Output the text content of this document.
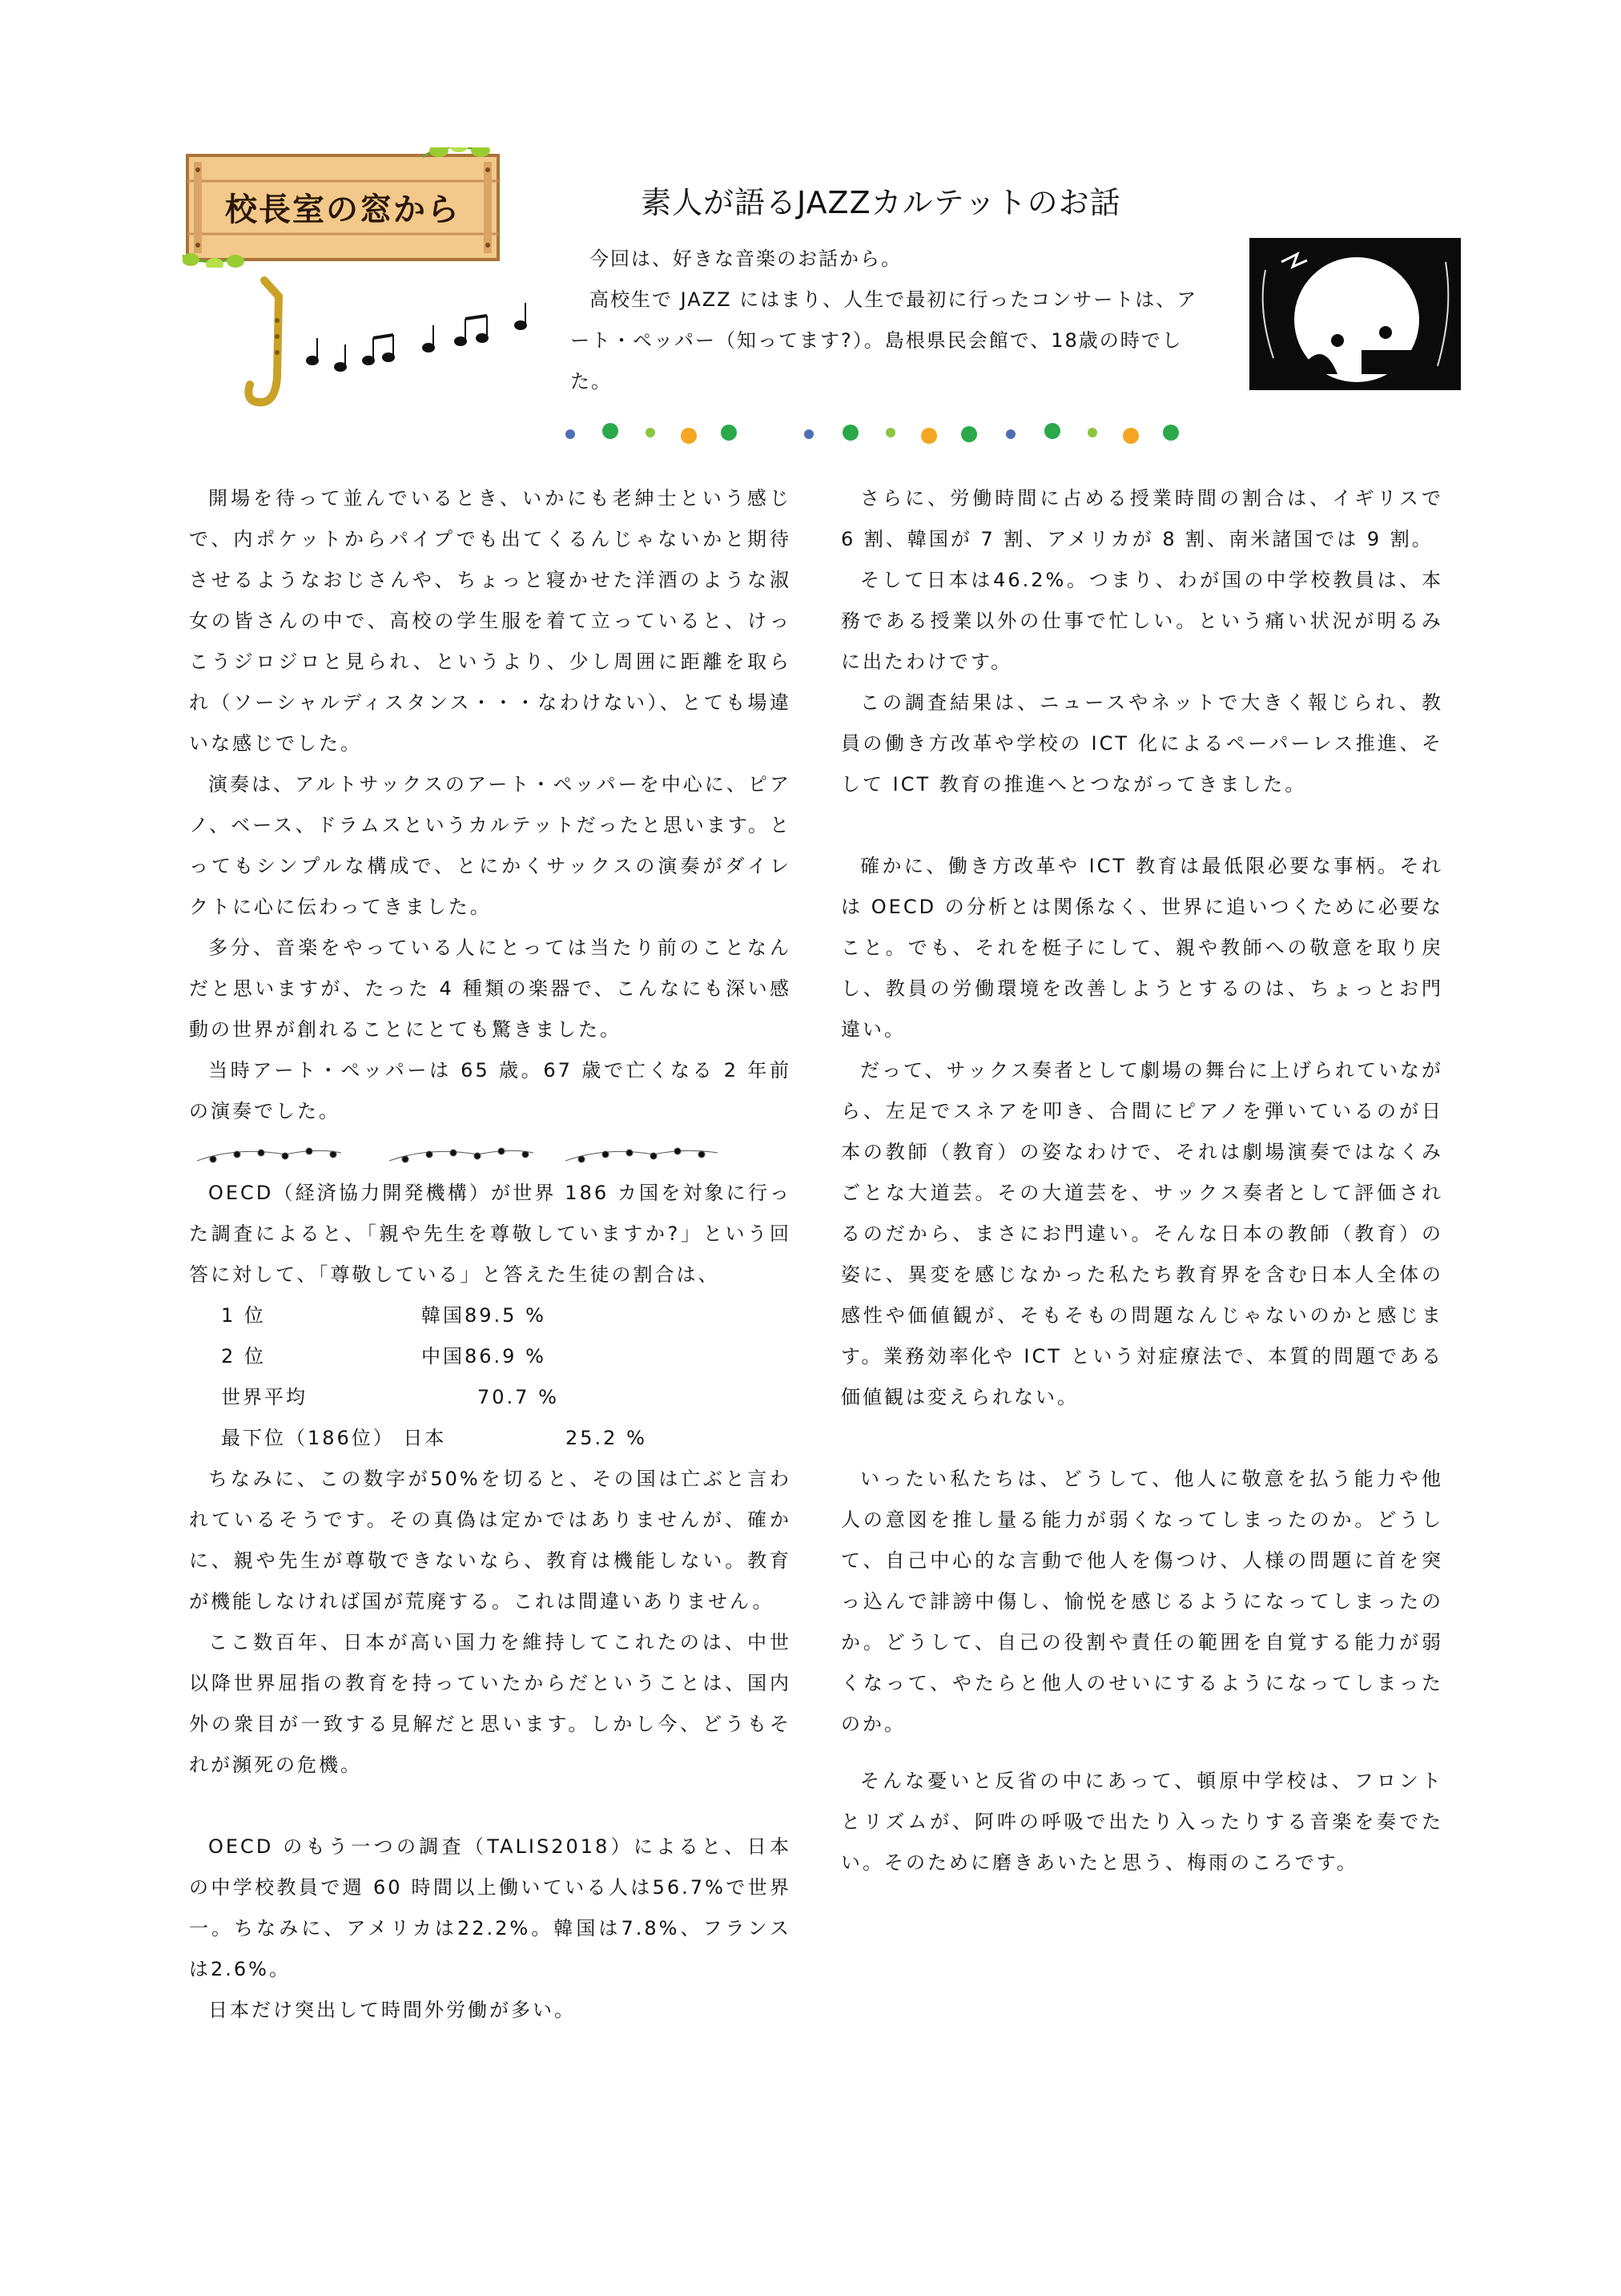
校長室の窓から	素人が語るJAZZカルテットのお話

今回は、好きな音楽のお話から。

高校生で JAZZ にはまり、人生で最初に行ったコンサートは、ア

ート・ペッパー（知ってます?）。島根県民会館で、18歳の時でした。

開場を待って並んでいるとき、いかにも老紳士という感じで、内ポケットからパイプでも出てくるんじゃないかと期待させるようなおじさんや、ちょっと寝かせた洋酒のような淑女の皆さんの中で、高校の学生服を着て立っていると、けっこうジロジロと見られ、というより、少し周囲に距離を取られ（ソーシャルディスタンス・・・なわけない）、とても場違いな感じでした。

演奏は、アルトサックスのアート・ペッパーを中心に、ピアノ、ベース、ドラムスというカルテットだったと思います。とってもシンプルな構成で、とにかくサックスの演奏がダイレクトに心に伝わってきました。

多分、音楽をやっている人にとっては当たり前のことなんだと思いますが、たった 4 種類の楽器で、こんなにも深い感動の世界が創れることにとても驚きました。

当時アート・ペッパーは 65 歳。67 歳で亡くなる 2 年前の演奏でした。

OECD（経済協力開発機構）が世界 186 カ国を対象に行った調査によると、「親や先生を尊敬していますか?」という回答に対して、「尊敬している」と答えた生徒の割合は、

1 位	韓国89.5 %
2 位	中国86.9 %
世界平均	70.7 %
最下位（186位） 日本	25.2 %

ちなみに、この数字が50%を切ると、その国は亡ぶと言われているそうです。その真偽は定かではありませんが、確かに、親や先生が尊敬できないなら、教育は機能しない。教育が機能しなければ国が荒廃する。これは間違いありません。

ここ数百年、日本が高い国力を維持してこれたのは、中世以降世界屈指の教育を持っていたからだということは、国内外の衆目が一致する見解だと思います。しかし今、どうもそれが瀕死の危機。

OECD のもう一つの調査（TALIS2018）によると、日本の中学校教員で週 60 時間以上働いている人は56.7%で世界一。ちなみに、アメリカは22.2%。韓国は7.8%、フランスは2.6%。

日本だけ突出して時間外労働が多い。

さらに、労働時間に占める授業時間の割合は、イギリスで 6 割、韓国が 7 割、アメリカが 8 割、南米諸国では 9 割。

そして日本は46.2%。つまり、わが国の中学校教員は、本務である授業以外の仕事で忙しい。という痛い状況が明るみに出たわけです。

この調査結果は、ニュースやネットで大きく報じられ、教員の働き方改革や学校の ICT 化によるペーパーレス推進、そして ICT 教育の推進へとつながってきました。

確かに、働き方改革や ICT 教育は最低限必要な事柄。それは OECD の分析とは関係なく、世界に追いつくために必要なこと。でも、それを梃子にして、親や教師への敬意を取り戻し、教員の労働環境を改善しようとするのは、ちょっとお門違い。

だって、サックス奏者として劇場の舞台に上げられていながら、左足でスネアを叩き、合間にピアノを弾いているのが日本の教師（教育）の姿なわけで、それは劇場演奏ではなくみごとな大道芸。その大道芸を、サックス奏者として評価されるのだから、まさにお門違い。そんな日本の教師（教育）の姿に、異変を感じなかった私たち教育界を含む日本人全体の感性や価値観が、そもそもの問題なんじゃないのかと感じます。業務効率化や ICT という対症療法で、本質的問題である価値観は変えられない。

いったい私たちは、どうして、他人に敬意を払う能力や他人の意図を推し量る能力が弱くなってしまったのか。どうして、自己中心的な言動で他人を傷つけ、人様の問題に首を突っ込んで誹謗中傷し、愉悦を感じるようになってしまったのか。どうして、自己の役割や責任の範囲を自覚する能力が弱くなって、やたらと他人のせいにするようになってしまったのか。

そんな憂いと反省の中にあって、頓原中学校は、フロントとリズムが、阿吽の呼吸で出たり入ったりする音楽を奏でたい。そのために磨きあいたと思う、梅雨のころです。
